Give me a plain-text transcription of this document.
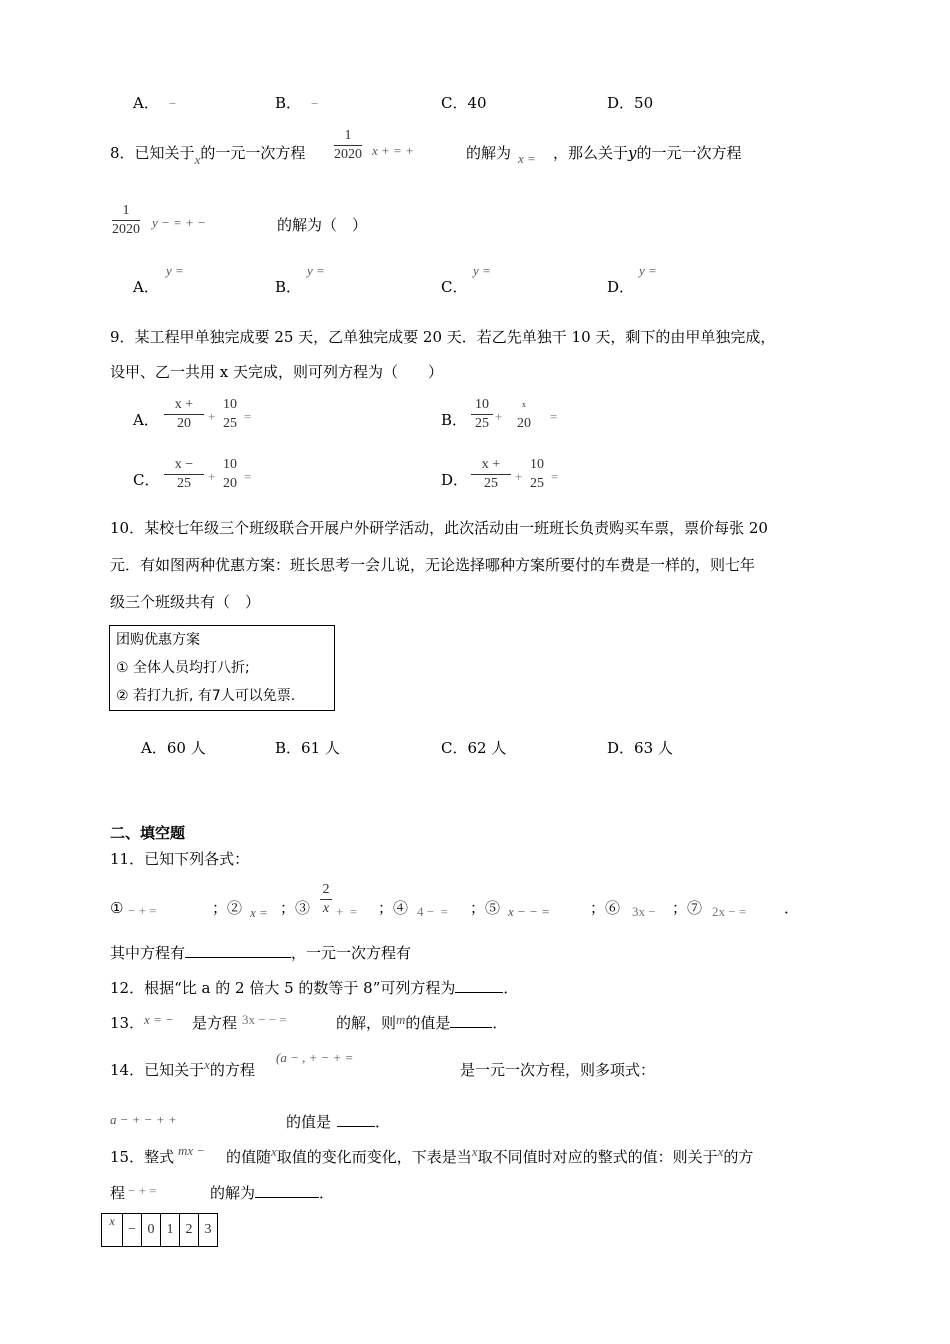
A． −	B． −	C．40	D．50
8．已知关于x的一元一次方程
1
2020 x + = +	的解为 x = ，那么关于y的一元一次方程
1
2020 y − = + −	的解为（　）
A．
y =
B．
y =
C．
y =
D．
y =
9．某工程甲单独完成要 25 天，乙单独完成要 20 天．若乙先单独干 10 天，剩下的由甲单独完成，
设甲、乙一共用 x 天完成，则可列方程为（　　）
A．
x +
20	+
10
25 =	B．
10
25 +
x
20	=
C．
x −
25	+
10
20 =	D．
x +
25	+
10
25 =
10．某校七年级三个班级联合开展户外研学活动，此次活动由一班班长负责购买车票，票价每张 20
元．有如图两种优惠方案：班长思考一会儿说，无论选择哪种方案所要付的车费是一样的，则七年
级三个班级共有（　）
团购优惠方案
① 全体人员均打八折;
② 若打九折, 有7人可以免票.
A．60 人	B．61 人	C．62 人	D．63 人
二、填空题
11．已知下列各式：
① − + =	；② x = ；③
2
x +  = ；④ 4 −  = ；⑤ x − − =	；⑥ 3x − ；⑦ 2x − =	．
其中方程有	，一元一次方程有
12．根据“比 a 的 2 倍大 5 的数等于 8”可列方程为	．
13． x = − 是方程 3x − − =	的解，则m的值是	．
14．已知关于x的方程
(a − , + − + =
是一元一次方程，则多项式：
a − + − + +	的值是	．
15．整式 mx − 的值随x取值的变化而变化，下表是当x取不同值时对应的整式的值：则关于x的方
程 − + =	的解为	．
x	−	0	1	2	3
